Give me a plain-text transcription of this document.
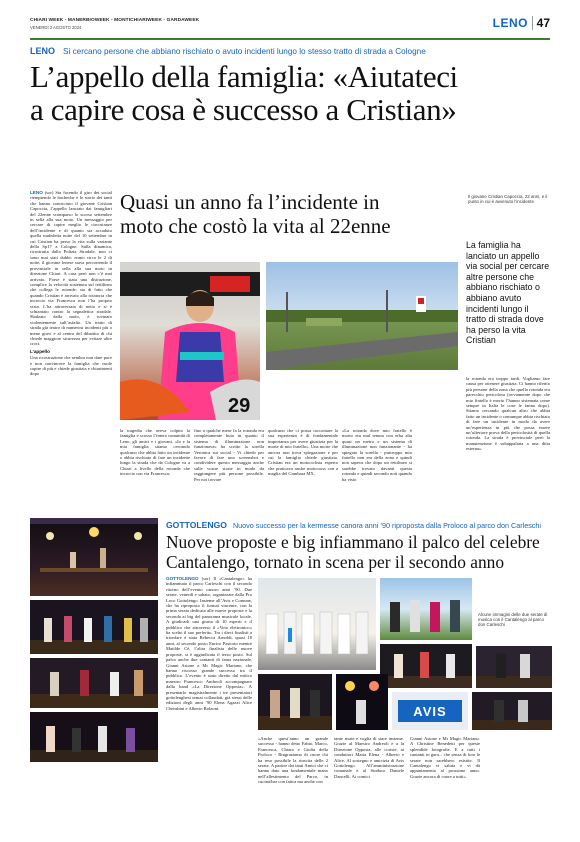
CHIARI WEEK - MANERBIOWEEK - MONTICHIARIWEEK - GARDAWEEK
VENERDÌ 2 AGOSTO 2024	LENO 47
LENO Si cercano persone che abbiano rischiato o avuto incidenti lungo lo stesso tratto di strada a Cologne
L’appello della famiglia: «Aiutateci
a capire cosa è successo a Cristian»

LENO (sor) Sta facendo il giro dei social riempiendo le bacheche e le storie dei tanti che hanno conosciuto il giovane Cristian Capoccia, l’appello lanciato dai famigliari del 22enne scomparso lo scorso settembre in sella alla sua moto. Un messaggio per cercare di capire meglio le circostanze dell’incidente e di quanto sia accaduto quella maledetta notte del 10 settembre in cui Cristian ha perso la vita sulla variante della Sp17 a Cologne. Sulla dinamica, ricostruita dalla Polizia Stradale, non ci sono mai stati dubbi: erano circa le 2 di notte, il giovane lenese stava percorrendo il provinciale in sella alla sua moto in direzione Chiari. A casa però non c’è mai arrivato. Forse è stata una distrazione, complice la velocità sostenuta sul rettilineo che collega le rotonde: sta di fatto che quando Cristian è arrivato alla rotatoria che incrocia via Francesca non l’ha proprio vista. L’ha attraversata di netto e si è schiantato contro la segnaletica stradale. Sbalzato dalla moto, è rovinato violentemente sull’asfalto. Un tratto di strada già teatro di numerosi incidenti più o meno gravi e al centro del dibattito di chi chiede maggiore sicurezza per evitare altre croci.

L’appello

Una ricostruzione che sembra non dare pace e non convincere la famiglia che vuole capire di più e chiede giustizia e chiarimenti dopo

Quasi un anno fa l’incidente in
moto che costò la vita al 22enne
Il giovane Cristian Capoccia, 22 anni, e il punto in cui è avvenuto l’incidente
29
La famiglia ha lanciato un appello via social per cercare altre persone che abbiano rischiato o abbiano avuto incidenti lungo il tratto di strada dove ha perso la vita Cristian
la tragedia che aveva colpito la famiglia e scosso l’intera comunità di Leno, gli amici e i giovani. «Io e la mia famiglia stiamo cercando qualcuno che abbia fatto un incidente o abbia rischiato di fare un incidente lungo la strada che da Cologne va a Chiari a livello della rotonda che incrocia con via Francesca;
fino a qualche mese fa la rotonda era completamente buia in quanto il sistema di illuminazione non funzionava» ha scritto la sorella Veronica sui social - Vi chiedo per favore di fare uno screenshot e condividere questo messaggio anche sulle vostre storie in modo da raggiungere più persone possibile. Per noi trovare
qualcuno che ci possa raccontare la sua esperienza è di fondamentale importanza per avere giustizia per la morte di mio fratello». Una morte che ancora non trova spiegazione e per cui la famiglia chiede giustizia. Cristian era un motociclista esperto che praticava anche motocross con a maglia del Gambara MX.
«La rotonda dove mio fratello è morto era mal tenuta con erba alta quasi un metro e un sistema di illuminazione non funzionante - ha spiegato la sorella - purtroppo mio fratello non era della zona e quindi non sapeva che dopo un rettilineo si sarebbe trovato davanti questa rotonda e quindi secondo noti quando ha visto
la rotonda era troppo tardi. Vogliamo fare causa per ottenere giustizia. Ci hanno riferito più persone della zona che quella rotonda era parecchio pericolosa (ovviamente dopo che mio fratello è morto l’hanno sistemata come sempre in Italia le cose le fanno dopo). Stiamo cercando qualcun altro che abbia fatto un incidente o comunque abbia rischiato di fare un incidente in modo da avere un’esperienza in più che possa essere un’ulteriore prova della pericolosità di quella rotonda. La strada è provinciale però la manutenzione è subappaltata a una ditta esterna».
GOTTOLENGO Nuovo successo per la kermesse canora anni ’90 riproposta dalla Proloco al parco don Carleschi
Nuove proposte e big infiammano il palco del celebre
Cantalengo, tornato in scena per il secondo anno

GOTTOLENGO (sor) Il «Cantalengo» ha infiammato il parco Carleschi con il secondo ritorno dell’evento canoro anni ’90. Due serate, venerdì e sabato, organizzate dalla Pro Loco Gottolengo. Insieme all’Avis e Comune, che ha riproposto il format vincente, con la prima serata dedicata alle nuove proposte e la seconda ai big del panorama musicale locale. A giudicarli una giuria di 10 esperti e il pubblico che attraverso il «Voto elettronico» ha scelto il suo preferito. Tra i dieci finalisti a trionfare è stata Rebecca Arnoldi, quasi 18 anni, al secondo posto Enrico Pastorio mentre Matilde Cè, l’altra finalista delle nuove proposte, si è aggiudicata il terzo posto. Sul palco anche due cantanti di fama nazionale, Gianni Astone e Mr Magic Mariano, che hanno riscosso grande successo tra il pubblico. L’evento è stato diretto dal mitico maestro Francesco Andreoli accompagnato dalla band «La Direzione Opposta». A presentarlo magistralmente i tre presentatori gottolenghesi ormai collaudati, già stessi delle edizioni degli anni ’90 Elena Agazzi Alice Cherubini e Alberto Bolzoni.

Alcune immagini delle due serate di musica con il Cantalengo al parco don Carleschi
AVIS
«Anche quest’anno un grande successo - hanno detto Fabio, Marco, Francesca, Chiara e Giulia della Proloco - Ringraziamo di cuore chi ha reso possibile la riuscita delle 2 serate. A partire dai tanti Amici che ci hanno dato una fondamentale mano nell’allestimento del Parco, in cucina/bar con fatica ma anche con
tante risate e voglia di stare insieme. Grazie al Maestro Andreoli e a la Direzione Opposta, alle coriste, ai conduttori Maria Elena - Alberto e Alice. Al sostegno e amicizia di Avis Gottolengo. All’amministrazione comunale e al Sindaco Daniele Dancelli. Ai comici
Gianni Astone e Mr Magic Mariano. A Christine Benedetti per queste splendide fotografie. E a tutti i cantanti in gara... che senza di loro le serate non sarebbero esistite. Il Cantalengo vi saluta e vi dà appuntamento al prossimo anno. Grazie ancora di cuore a tutti».
